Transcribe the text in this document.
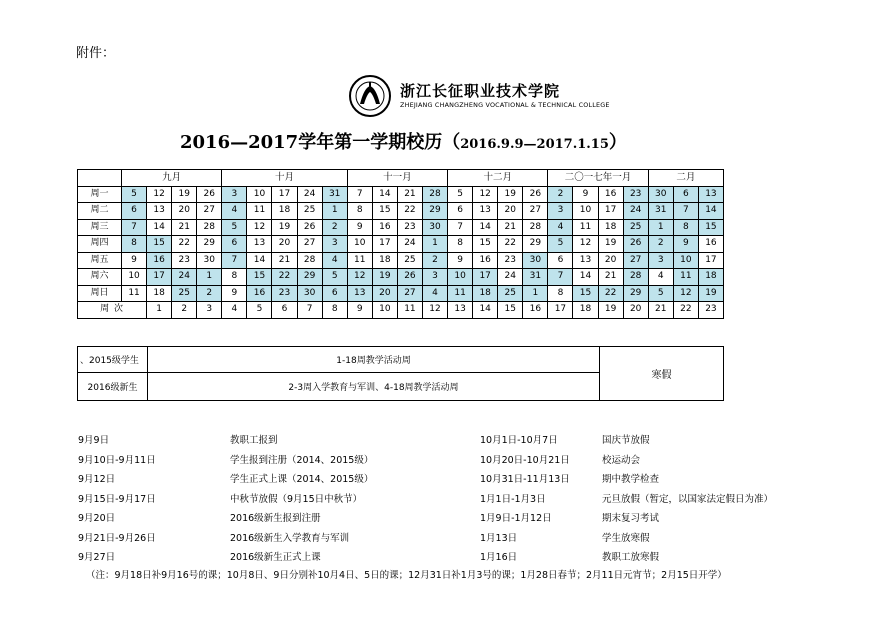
附件：
浙江长征职业技术学院
ZHEJIANG CHANGZHENG VOCATIONAL & TECHNICAL COLLEGE
2016—2017学年第一学期校历（2016.9.9—2017.1.15）
	九月				十月					十一月				十二月				二〇一七年一月				二月		
周一	5	12	19	26	3	10	17	24	31	7	14	21	28	5	12	19	26	2	9	16	23	30	6	13
周二	6	13	20	27	4	11	18	25	1	8	15	22	29	6	13	20	27	3	10	17	24	31	7	14
周三	7	14	21	28	5	12	19	26	2	9	16	23	30	7	14	21	28	4	11	18	25	1	8	15
周四	8	15	22	29	6	13	20	27	3	10	17	24	1	8	15	22	29	5	12	19	26	2	9	16
周五	9	16	23	30	7	14	21	28	4	11	18	25	2	9	16	23	30	6	13	20	27	3	10	17
周六	10	17	24	1	8	15	22	29	5	12	19	26	3	10	17	24	31	7	14	21	28	4	11	18
周日	11	18	25	2	9	16	23	30	6	13	20	27	4	11	18	25	1	8	15	22	29	5	12	19
周 次		1	2	3	4	5	6	7	8	9	10	11	12	13	14	15	16	17	18	19	20	21	22	23
、2015级学生	1-18周教学活动周	寒假
2016级新生	2-3周入学教育与军训、4-18周教学活动周	
9月9日	教职工报到
9月10日-9月11日	学生报到注册（2014、2015级）
9月12日	学生正式上课（2014、2015级）
9月15日-9月17日	中秋节放假（9月15日中秋节）
9月20日	2016级新生报到注册
9月21日-9月26日	2016级新生入学教育与军训
9月27日	2016级新生正式上课
10月1日-10月7日	国庆节放假
10月20日-10月21日	校运动会
10月31日-11月13日	期中教学检查
1月1日-1月3日	元旦放假（暂定，以国家法定假日为准）
1月9日-1月12日	期末复习考试
1月13日	学生放寒假
1月16日	教职工放寒假
（注：9月18日补9月16号的课；10月8日、9日分别补10月4日、5日的课；12月31日补1月3号的课；1月28日春节；2月11日元宵节；2月15日开学）
